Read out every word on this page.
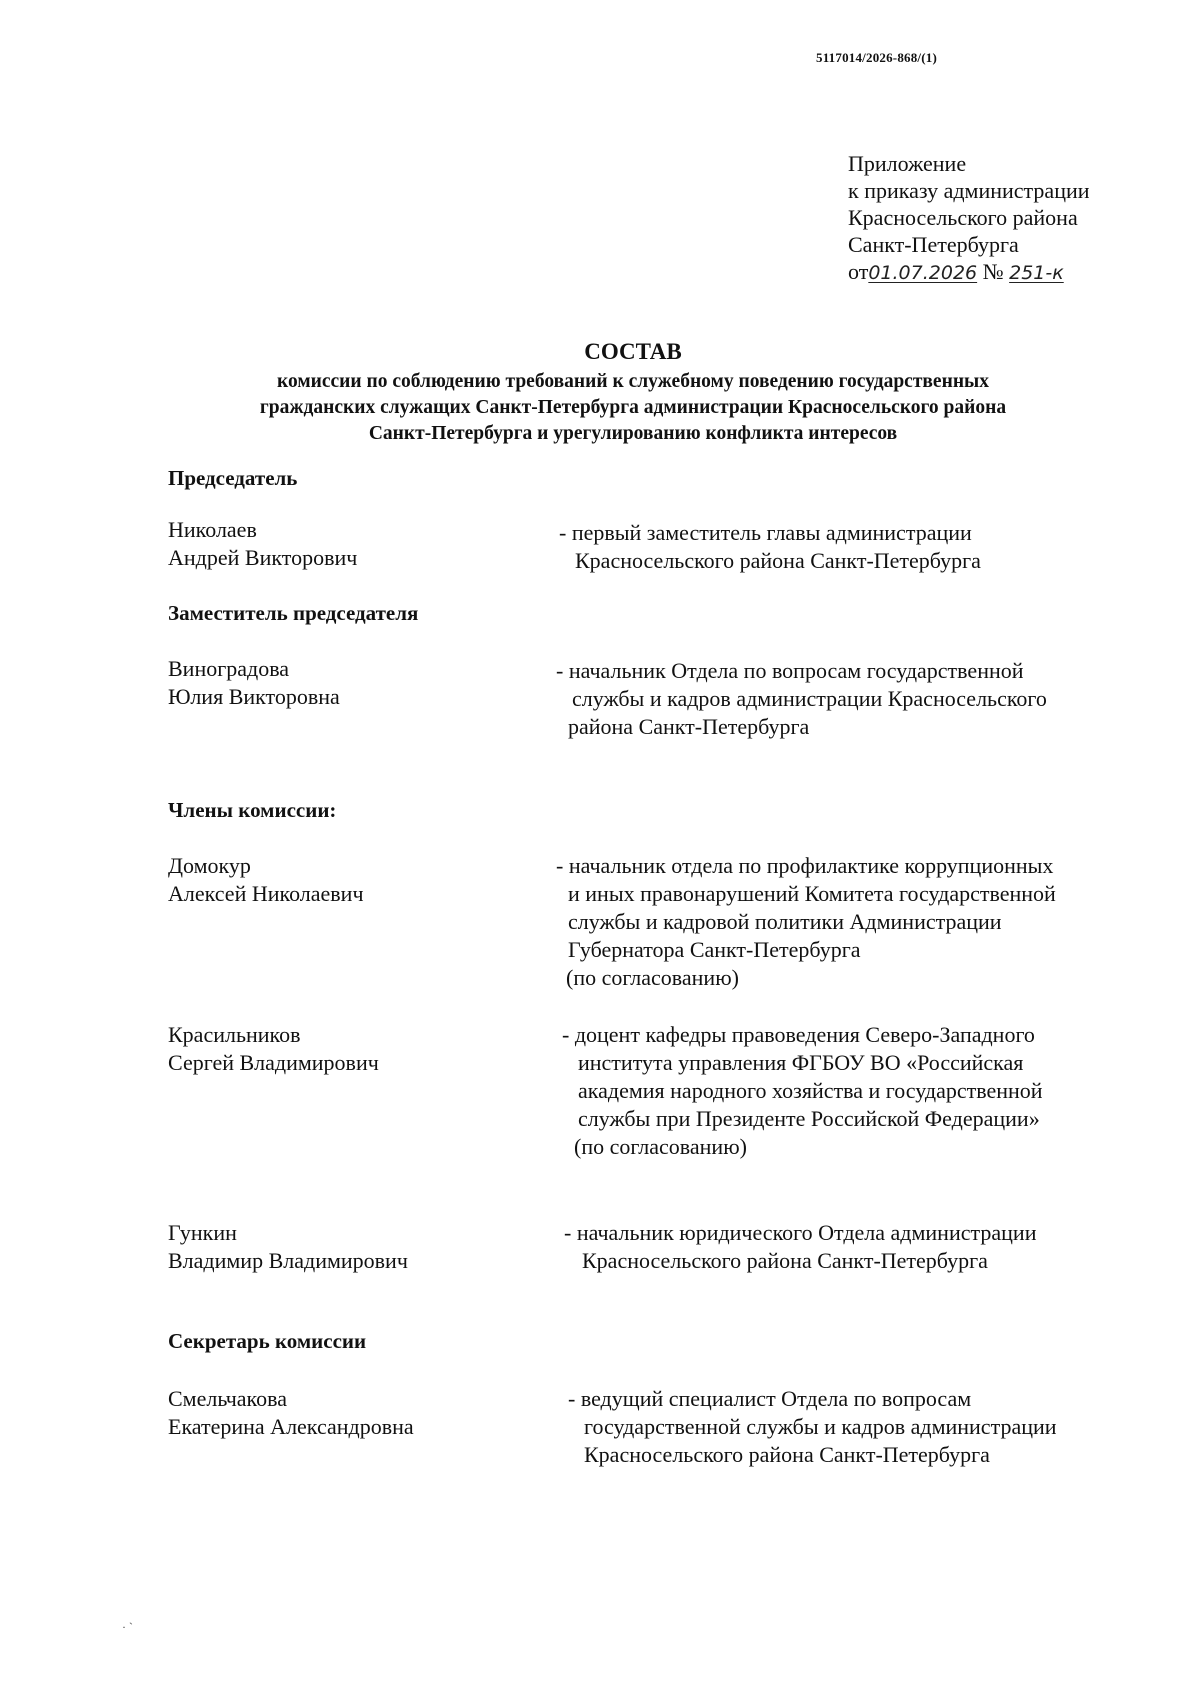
5117014/2026-868/(1)
Приложение
к приказу администрации
Красносельского района
Санкт-Петербурга
от01.07.2026 № 251-к
СОСТАВ
комиссии по соблюдению требований к служебному поведению государственных
гражданских служащих Санкт-Петербурга администрации Красносельского района
Санкт-Петербурга и урегулированию конфликта интересов
Председатель
Николаев
Андрей Викторович
- первый заместитель главы администрации
Красносельского района Санкт-Петербурга
Заместитель председателя
Виноградова
Юлия Викторовна
- начальник Отдела по вопросам государственной
службы и кадров администрации Красносельского
района Санкт-Петербурга
Члены комиссии:
Домокур
Алексей Николаевич
- начальник отдела по профилактике коррупционных
и иных правонарушений Комитета государственной
службы и кадровой политики Администрации
Губернатора Санкт-Петербурга
(по согласованию)
Красильников
Сергей Владимирович
- доцент кафедры правоведения Северо-Западного
института управления ФГБОУ ВО «Российская
академия народного хозяйства и государственной
службы при Президенте Российской Федерации»
(по согласованию)
Гункин
Владимир Владимирович
- начальник юридического Отдела администрации
Красносельского района Санкт-Петербурга
Секретарь комиссии
Смельчакова
Екатерина Александровна
- ведущий специалист Отдела по вопросам
государственной службы и кадров администрации
Красносельского района Санкт-Петербурга
· `
